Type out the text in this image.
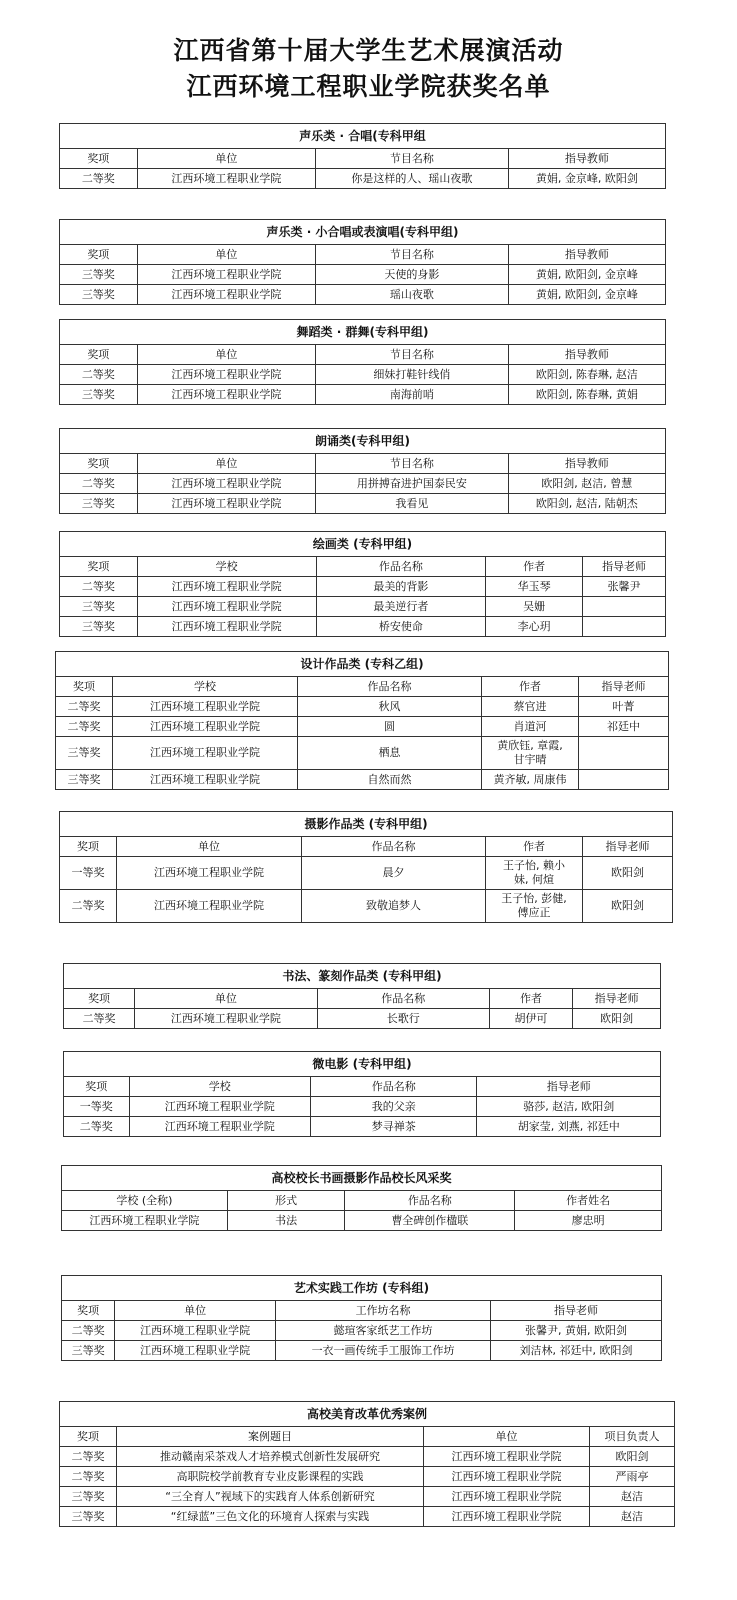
江西省第十届大学生艺术展演活动
江西环境工程职业学院获奖名单
声乐类 · 合唱(专科甲组			
奖项	单位	节目名称	指导教师
二等奖	江西环境工程职业学院	你是这样的人、瑶山夜歌	黄娟, 金京峰, 欧阳剑
声乐类 · 小合唱或表演唱(专科甲组)			
奖项	单位	节目名称	指导教师
三等奖	江西环境工程职业学院	天使的身影	黄娟, 欧阳剑, 金京峰
三等奖	江西环境工程职业学院	瑶山夜歌	黄娟, 欧阳剑, 金京峰
舞蹈类 · 群舞(专科甲组)			
奖项	单位	节目名称	指导教师
二等奖	江西环境工程职业学院	细妹打鞋针线俏	欧阳剑, 陈春琳, 赵洁
三等奖	江西环境工程职业学院	南海前哨	欧阳剑, 陈春琳, 黄娟
朗诵类(专科甲组)			
奖项	单位	节目名称	指导教师
二等奖	江西环境工程职业学院	用拼搏奋进护国泰民安	欧阳剑, 赵洁, 曾慧
三等奖	江西环境工程职业学院	我看见	欧阳剑, 赵洁, 陆朝杰
绘画类 (专科甲组)				
奖项	学校	作品名称	作者	指导老师
二等奖	江西环境工程职业学院	最美的背影	华玉琴	张馨尹
三等奖	江西环境工程职业学院	最美逆行者	吴姗	
三等奖	江西环境工程职业学院	桥安使命	李心玥	
设计作品类 (专科乙组)				
奖项	学校	作品名称	作者	指导老师
二等奖	江西环境工程职业学院	秋风	蔡官进	叶菁
二等奖	江西环境工程职业学院	圆	肖道河	祁廷中
三等奖	江西环境工程职业学院	栖息	黄欣钰, 章霞,
甘宇晴	
三等奖	江西环境工程职业学院	自然而然	黄齐敏, 周康伟	
摄影作品类 (专科甲组)				
奖项	单位	作品名称	作者	指导老师
一等奖	江西环境工程职业学院	晨夕	王子怡, 赖小
妹, 何煊	欧阳剑
二等奖	江西环境工程职业学院	致敬追梦人	王子怡, 彭健,
傅应正	欧阳剑
书法、篆刻作品类 (专科甲组)				
奖项	单位	作品名称	作者	指导老师
二等奖	江西环境工程职业学院	长歌行	胡伊可	欧阳剑
微电影 (专科甲组)			
奖项	学校	作品名称	指导老师
一等奖	江西环境工程职业学院	我的父亲	骆莎, 赵洁, 欧阳剑
二等奖	江西环境工程职业学院	梦寻禅茶	胡家莹, 刘燕, 祁廷中
高校校长书画摄影作品校长风采奖			
学校 (全称)	形式	作品名称	作者姓名
江西环境工程职业学院	书法	曹全碑创作楹联	廖忠明
艺术实践工作坊 (专科组)			
奖项	单位	工作坊名称	指导老师
二等奖	江西环境工程职业学院	懿瑄客家纸艺工作坊	张馨尹, 黄娟, 欧阳剑
三等奖	江西环境工程职业学院	一衣一画传统手工服饰工作坊	刘洁林, 祁廷中, 欧阳剑
高校美育改革优秀案例			
奖项	案例题目	单位	项目负责人
二等奖	推动赣南采茶戏人才培养模式创新性发展研究	江西环境工程职业学院	欧阳剑
二等奖	高职院校学前教育专业皮影课程的实践	江西环境工程职业学院	严雨亭
三等奖	“三全育人”视域下的实践育人体系创新研究	江西环境工程职业学院	赵洁
三等奖	“红绿蓝”三色文化的环境育人探索与实践	江西环境工程职业学院	赵洁
